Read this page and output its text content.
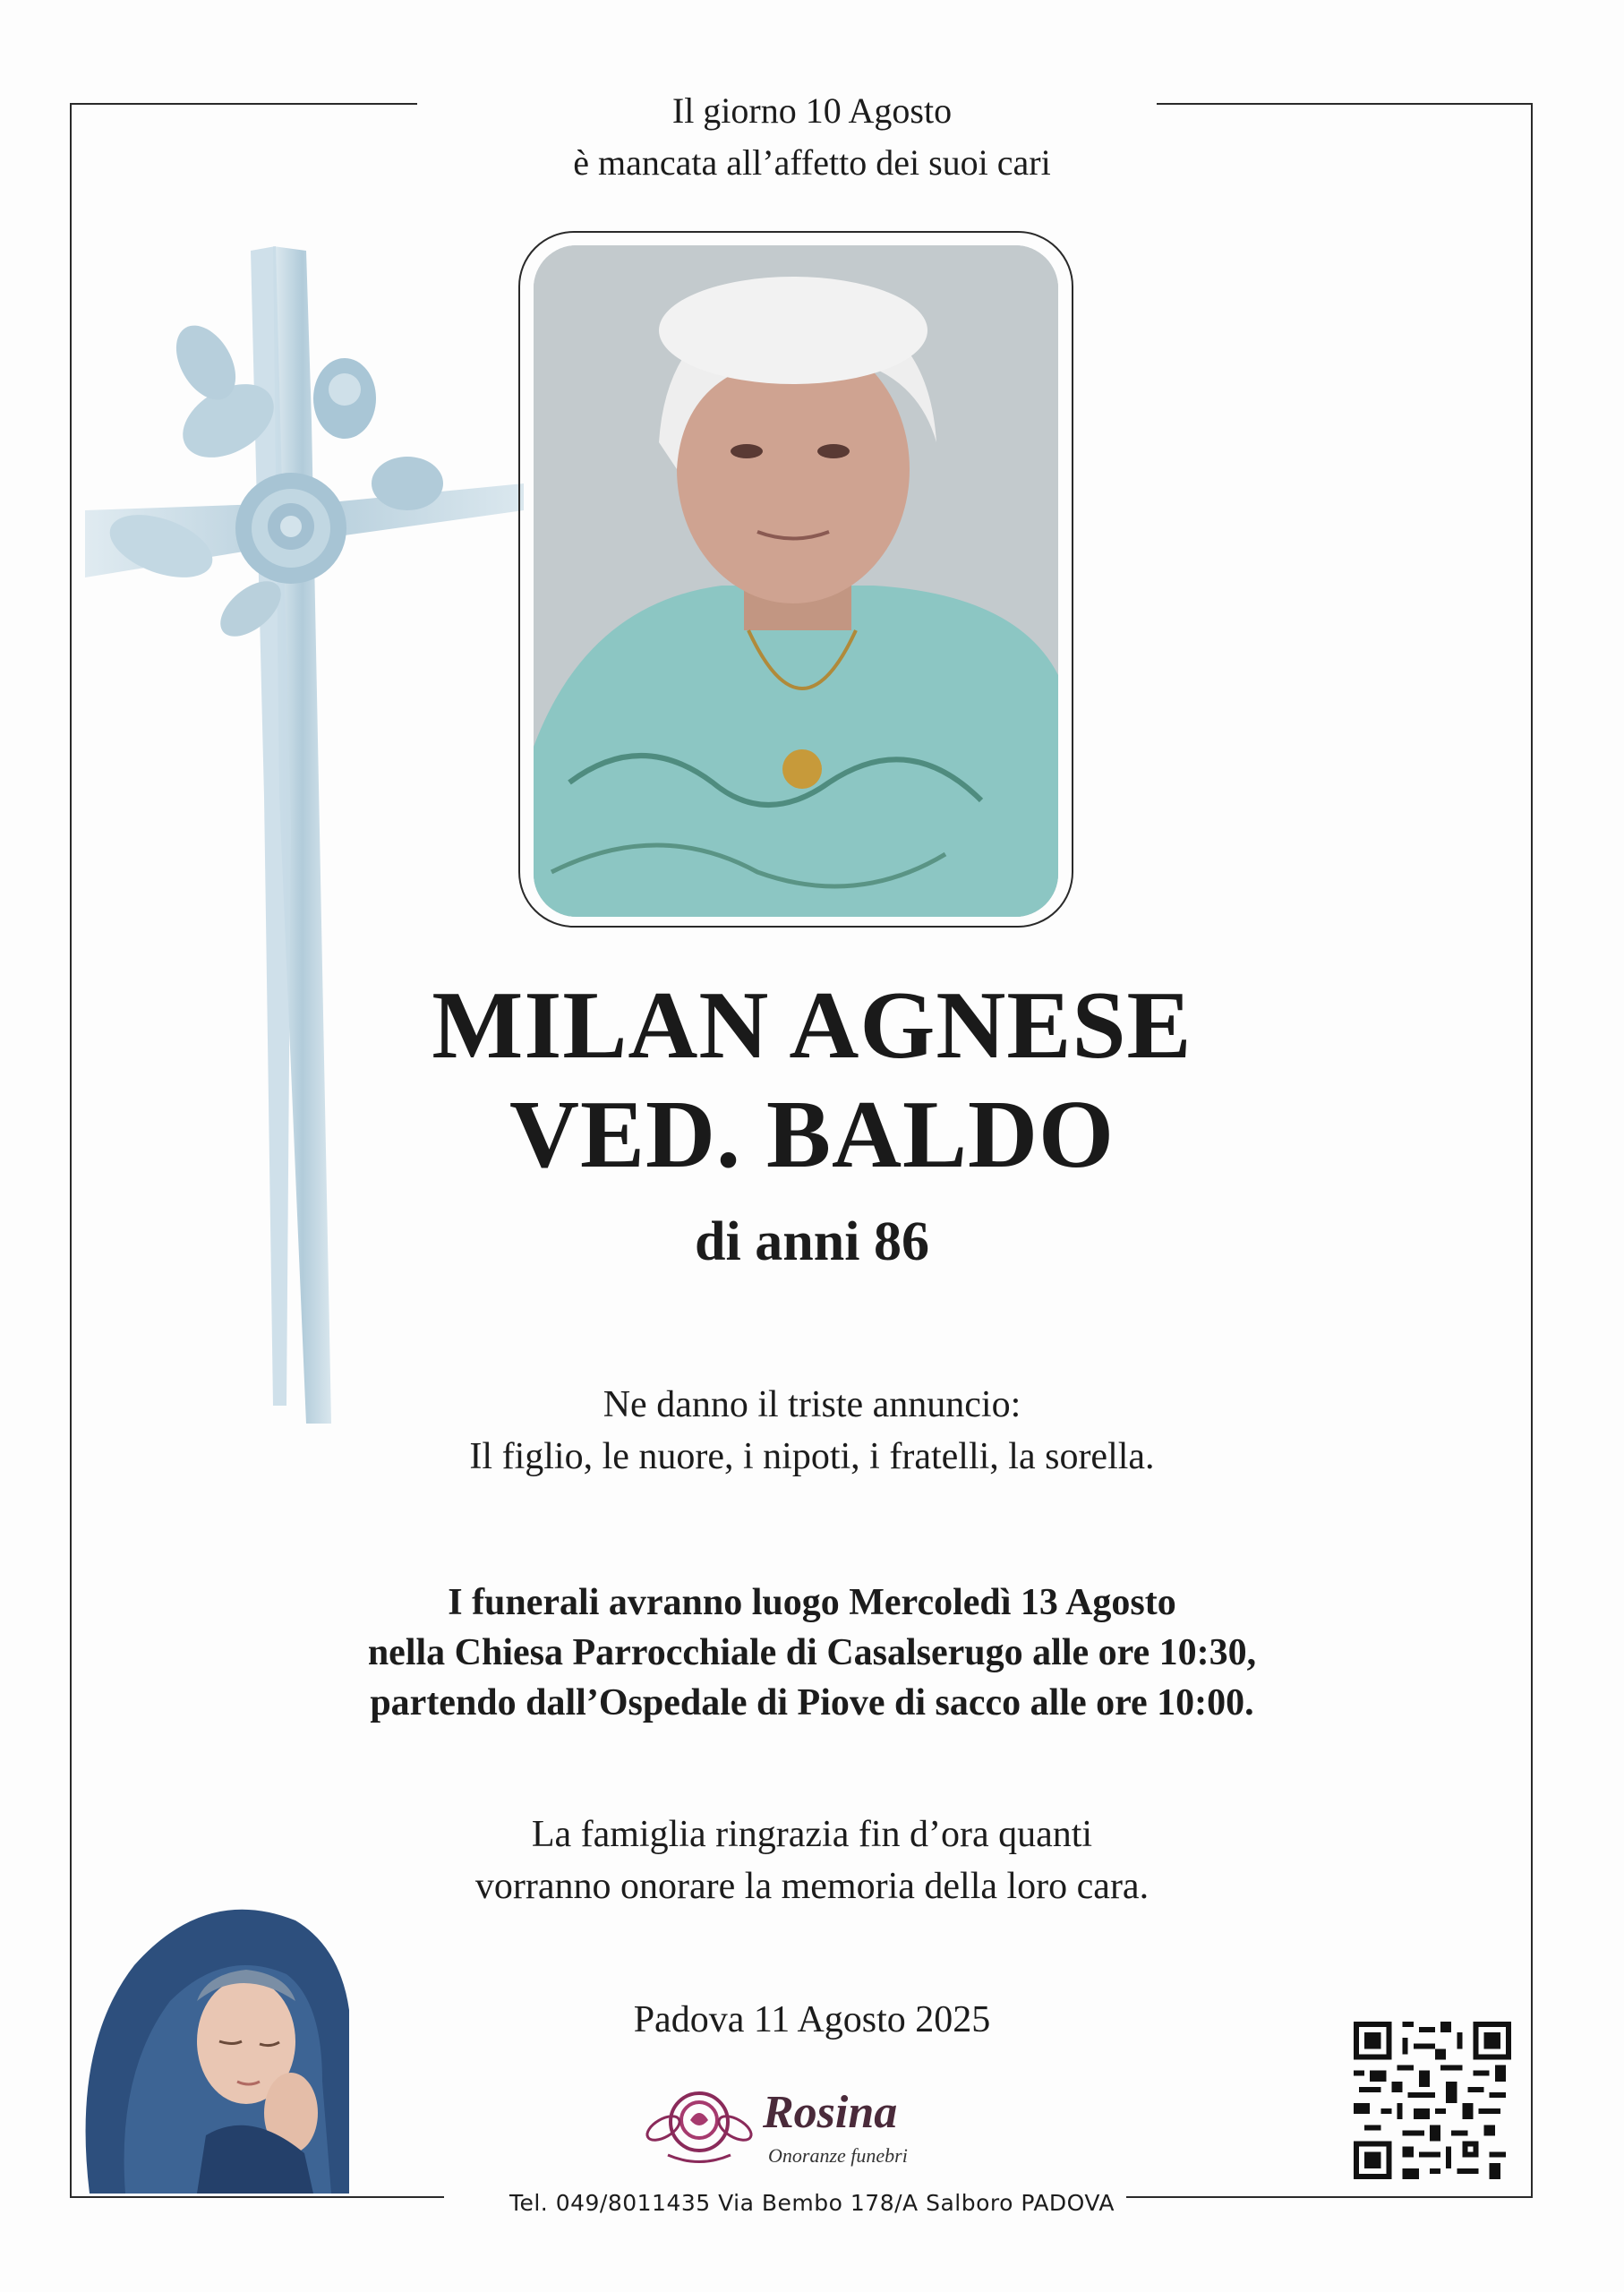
Il giorno 10 Agosto
è mancata all’affetto dei suoi cari
MILAN AGNESE
VED. BALDO
di anni 86
Ne danno il triste annuncio:
Il figlio, le nuore, i nipoti, i fratelli, la sorella.
I funerali avranno luogo Mercoledì 13 Agosto
nella Chiesa Parrocchiale di Casalserugo alle ore 10:30,
partendo dall’Ospedale di Piove di sacco alle ore 10:00.
La famiglia ringrazia fin d’ora quanti
vorranno onorare la memoria della loro cara.
Padova 11 Agosto 2025
Rosina
Onoranze funebri
Tel. 049/8011435 Via Bembo 178/A Salboro PADOVA
